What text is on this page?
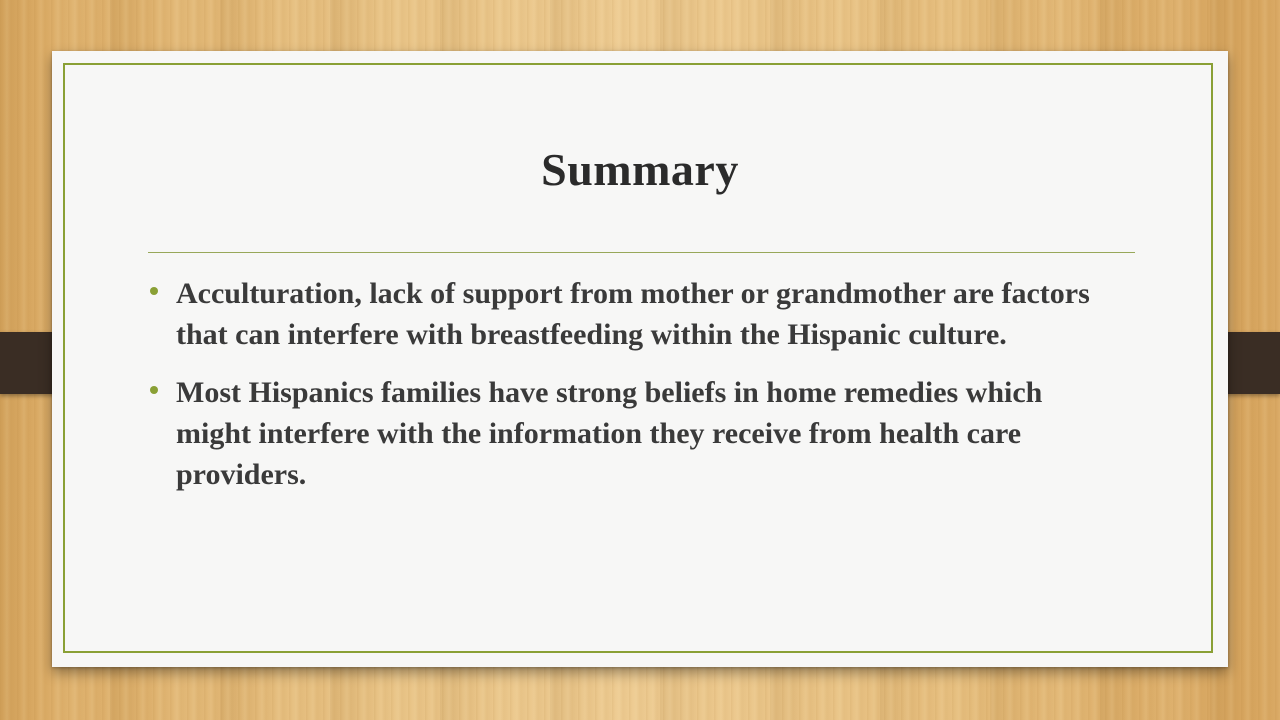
Summary
Acculturation, lack of support from mother or grandmother are factors that can interfere with breastfeeding within the Hispanic culture.
Most Hispanics families have strong beliefs in home remedies which might interfere with the information they receive from health care providers.
